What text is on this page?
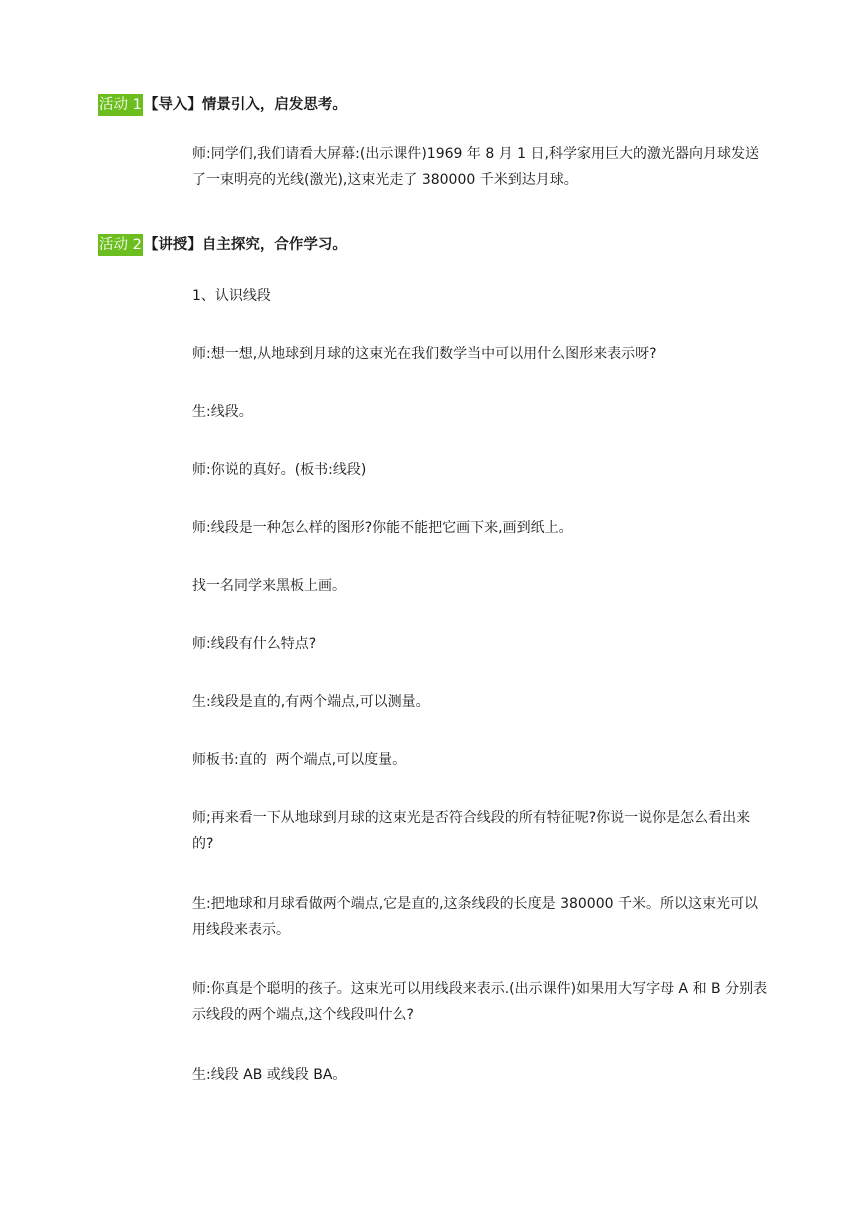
活动 1 【导入】情景引入，启发思考。

师:同学们,我们请看大屏幕:(出示课件)1969 年 8 月 1 日,科学家用巨大的激光器向月球发送了一束明亮的光线(激光),这束光走了 380000 千米到达月球。

活动 2 【讲授】自主探究，合作学习。

1、认识线段

师:想一想,从地球到月球的这束光在我们数学当中可以用什么图形来表示呀?

生:线段。

师:你说的真好。(板书:线段)

师:线段是一种怎么样的图形?你能不能把它画下来,画到纸上。

找一名同学来黑板上画。

师:线段有什么特点?

生:线段是直的,有两个端点,可以测量。

师板书:直的  两个端点,可以度量。

师;再来看一下从地球到月球的这束光是否符合线段的所有特征呢?你说一说你是怎么看出来的?

生:把地球和月球看做两个端点,它是直的,这条线段的长度是 380000 千米。所以这束光可以用线段来表示。

师:你真是个聪明的孩子。这束光可以用线段来表示.(出示课件)如果用大写字母 A 和 B 分别表示线段的两个端点,这个线段叫什么?

生:线段 AB 或线段 BA。
